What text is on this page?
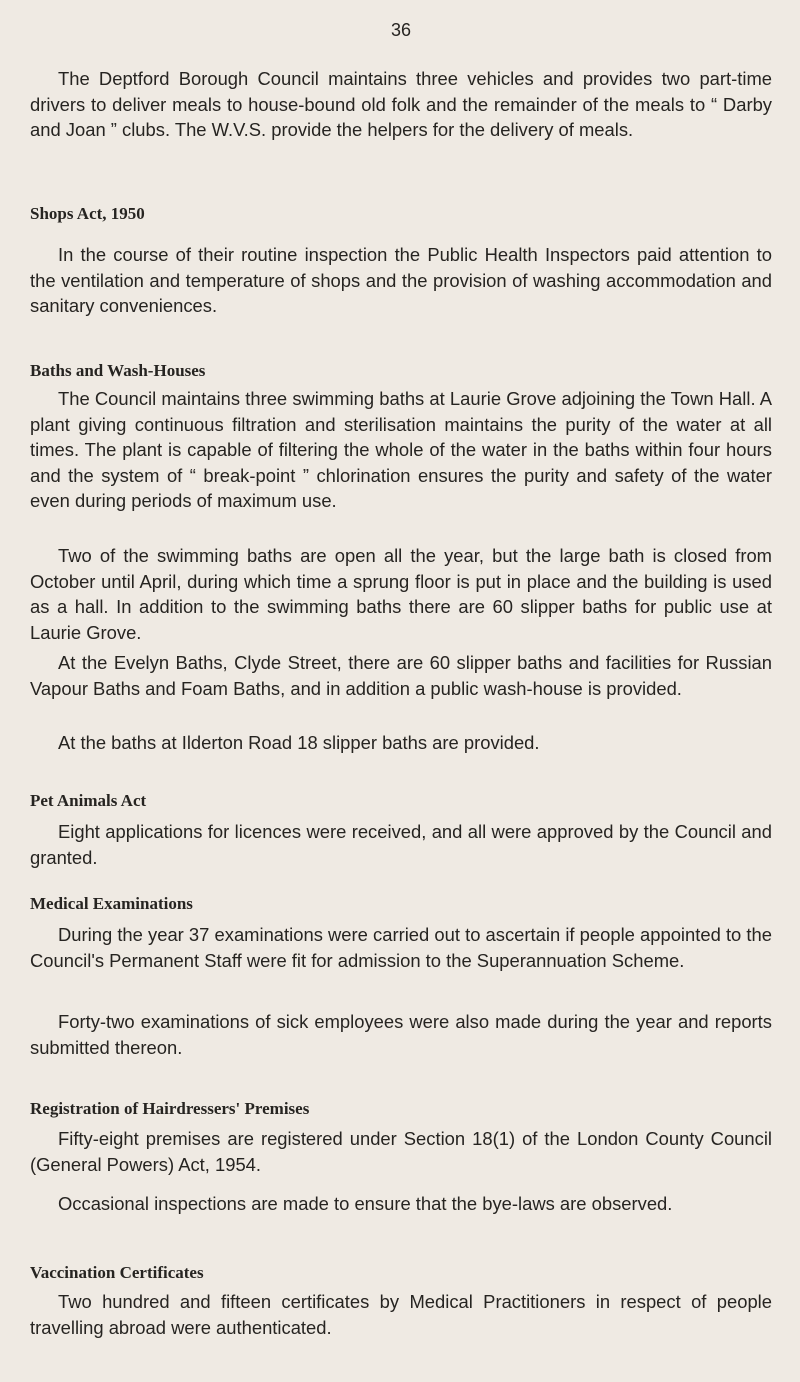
36

The Deptford Borough Council maintains three vehicles and provides two part-time drivers to deliver meals to house-bound old folk and the remainder of the meals to “ Darby and Joan ” clubs. The W.V.S. provide the helpers for the delivery of meals.

Shops Act, 1950

In the course of their routine inspection the Public Health Inspectors paid attention to the ventilation and temperature of shops and the provision of washing accommodation and sanitary conveniences.

Baths and Wash-Houses

The Council maintains three swimming baths at Laurie Grove adjoining the Town Hall. A plant giving continuous filtration and sterilisation maintains the purity of the water at all times. The plant is capable of filtering the whole of the water in the baths within four hours and the system of “ break-point ” chlorination ensures the purity and safety of the water even during periods of maximum use.

Two of the swimming baths are open all the year, but the large bath is closed from October until April, during which time a sprung floor is put in place and the building is used as a hall. In addition to the swimming baths there are 60 slipper baths for public use at Laurie Grove.

At the Evelyn Baths, Clyde Street, there are 60 slipper baths and facilities for Russian Vapour Baths and Foam Baths, and in addition a public wash-house is provided.

At the baths at Ilderton Road 18 slipper baths are provided.

Pet Animals Act

Eight applications for licences were received, and all were approved by the Council and granted.

Medical Examinations

During the year 37 examinations were carried out to ascertain if people appointed to the Council's Permanent Staff were fit for admission to the Superannuation Scheme.

Forty-two examinations of sick employees were also made during the year and reports submitted thereon.

Registration of Hairdressers' Premises

Fifty-eight premises are registered under Section 18(1) of the London County Council (General Powers) Act, 1954.

Occasional inspections are made to ensure that the bye-laws are observed.

Vaccination Certificates

Two hundred and fifteen certificates by Medical Practitioners in respect of people travelling abroad were authenticated.
